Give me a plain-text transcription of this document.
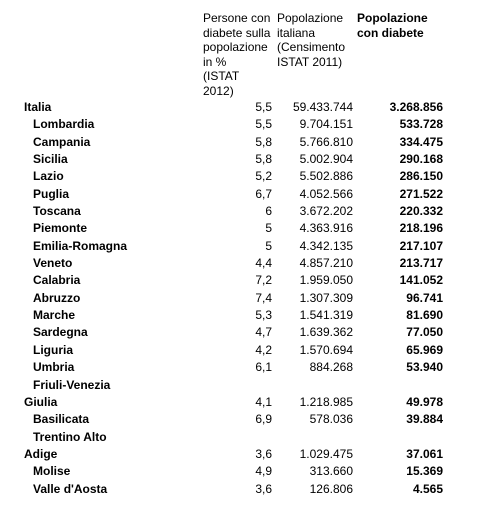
Persone con
diabete sulla
popolazione
in %
(ISTAT
2012)
Popolazione
italiana
(Censimento
ISTAT 2011)
Popolazione
con diabete
Italia	5,5 59.433.744	3.268.856
Lombardia	5,5 9.704.151	533.728
Campania	5,8 5.766.810	334.475
Sicilia	5,8 5.002.904	290.168
Lazio	5,2 5.502.886	286.150
Puglia	6,7 4.052.566	271.522
Toscana	6 3.672.202	220.332
Piemonte	5 4.363.916	218.196
Emilia-Romagna	5 4.342.135	217.107
Veneto	4,4 4.857.210	213.717
Calabria	7,2 1.959.050	141.052
Abruzzo	7,4 1.307.309	96.741
Marche	5,3 1.541.319	81.690
Sardegna	4,7 1.639.362	77.050
Liguria	4,2 1.570.694	65.969
Umbria	6,1	884.268	53.940
Friuli-Venezia
Giulia	4,1 1.218.985	49.978
Basilicata	6,9	578.036	39.884
Trentino Alto
Adige	3,6 1.029.475	37.061
Molise	4,9	313.660	15.369
Valle d'Aosta	3,6	126.806	4.565
